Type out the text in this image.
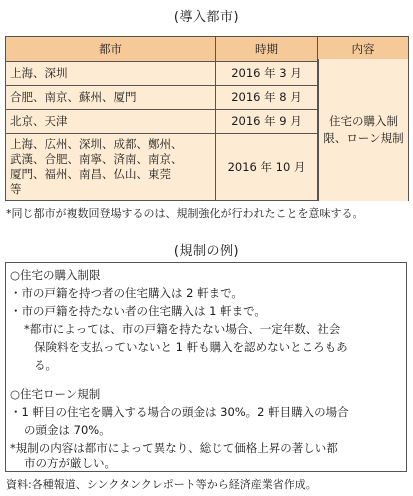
(導入都市)
都市	時期	内容
上海、深圳	2016 年 3 月	
合肥、南京、蘇州、厦門	2016 年 8 月	
北京、天津	2016 年 9 月	

上海、広州、深圳、成都、鄭州、
武漢、合肥、南寧、済南、南京、
厦門、福州、南昌、仏山、東莞
等	2016 年 10 月	
住宅の購入制
限、ローン規制
*同じ都市が複数回登場するのは、規制強化が行われたことを意味する。
(規制の例)
○住宅の購入制限
・市の戸籍を持つ者の住宅購入は 2 軒まで。
・市の戸籍を持たない者の住宅購入は 1 軒まで。
*都市によっては、市の戸籍を持たない場合、一定年数、社会
保険料を支払っていないと 1 軒も購入を認めないところもあ
る。
○住宅ローン規制
・1 軒目の住宅を購入する場合の頭金は 30%。2 軒目購入の場合
の頭金は 70%。
*規制の内容は都市によって異なり、総じて価格上昇の著しい都
市の方が厳しい。
資料:各種報道、シンクタンクレポート等から経済産業省作成。
